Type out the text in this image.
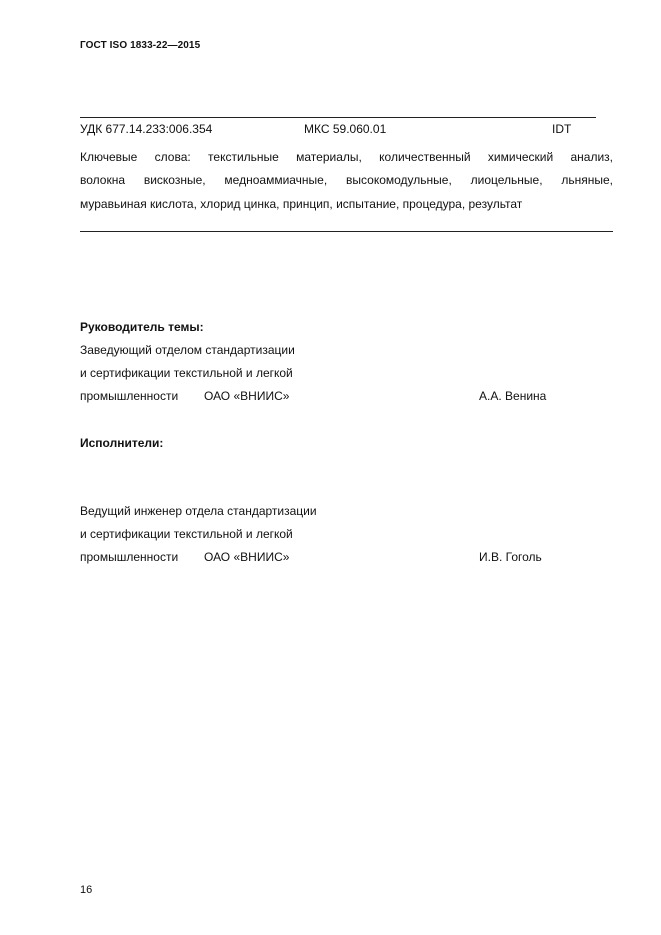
ГОСТ ISO 1833-22—2015
УДК 677.14.233:006.354	МКС 59.060.01	IDT
Ключевые слова: текстильные материалы, количественный химический анализ,
волокна вискозные, медноаммиачные, высокомодульные, лиоцельные, льняные,
муравьиная кислота, хлорид цинка, принцип, испытание, процедура, результат
Руководитель темы:
Заведующий отделом стандартизации
и сертификации текстильной и легкой
промышленности ОАО «ВНИИС»	А.А. Венина
Исполнители:
Ведущий инженер отдела стандартизации
и сертификации текстильной и легкой
промышленности ОАО «ВНИИС»	И.В. Гоголь
16
